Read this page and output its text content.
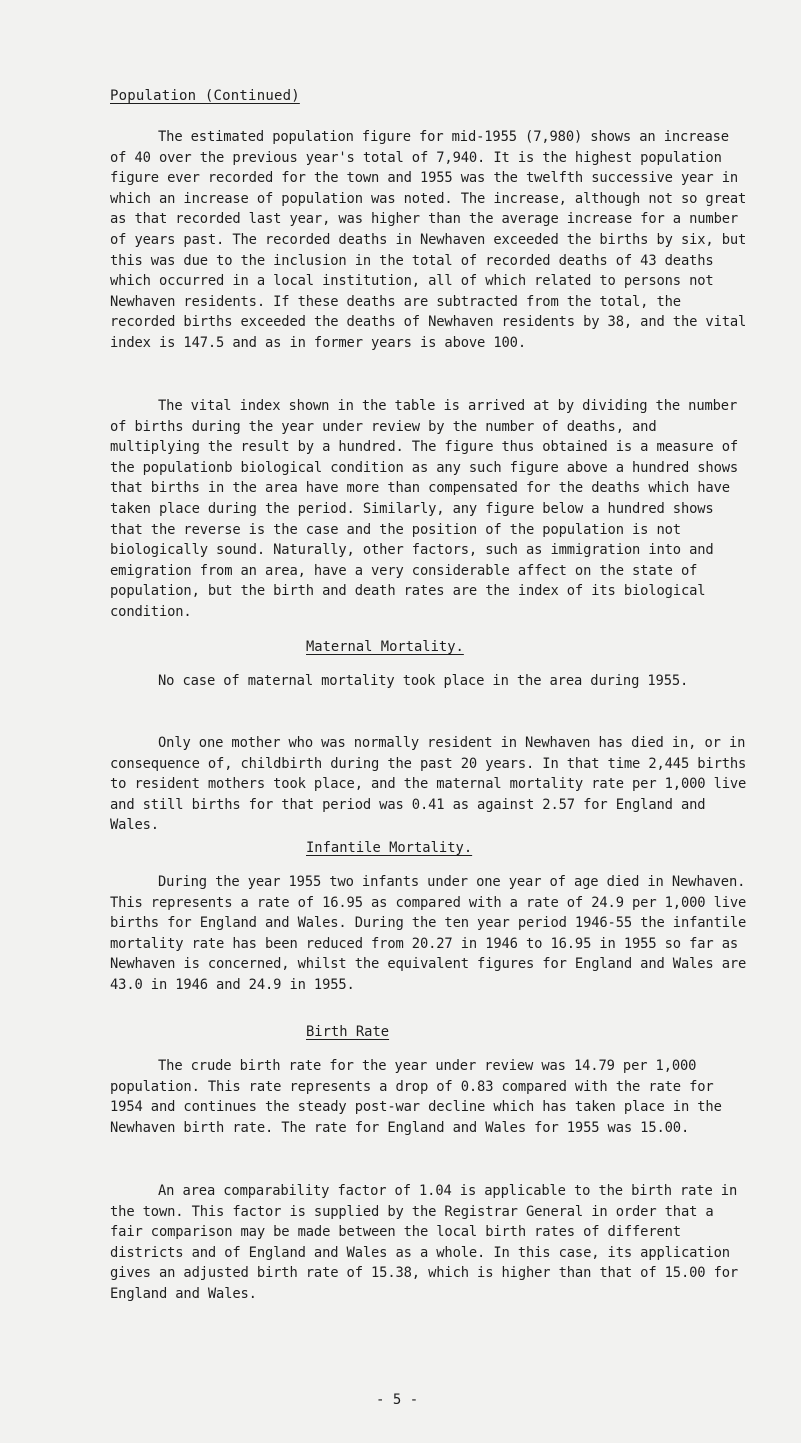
Population (Continued)

The estimated population figure for mid-1955 (7,980) shows an increase of 40 over the previous year's total of 7,940. It is the highest population figure ever recorded for the town and 1955 was the twelfth successive year in which an increase of population was noted. The increase, although not so great as that recorded last year, was higher than the average increase for a number of years past. The recorded deaths in Newhaven exceeded the births by six, but this was due to the inclusion in the total of recorded deaths of 43 deaths which occurred in a local institution, all of which related to persons not Newhaven residents. If these deaths are subtracted from the total, the recorded births exceeded the deaths of Newhaven residents by 38, and the vital index is 147.5 and as in former years is above 100.

The vital index shown in the table is arrived at by dividing the number of births during the year under review by the number of deaths, and multiplying the result by a hundred. The figure thus obtained is a measure of the populationb biological condition as any such figure above a hundred shows that births in the area have more than compensated for the deaths which have taken place during the period. Similarly, any figure below a hundred shows that the reverse is the case and the position of the population is not biologically sound. Naturally, other factors, such as immigration into and emigration from an area, have a very considerable affect on the state of population, but the birth and death rates are the index of its biological condition.

Maternal Mortality.

No case of maternal mortality took place in the area during 1955.

Only one mother who was normally resident in Newhaven has died in, or in consequence of, childbirth during the past 20 years. In that time 2,445 births to resident mothers took place, and the maternal mortality rate per 1,000 live and still births for that period was 0.41 as against 2.57 for England and Wales.

Infantile Mortality.

During the year 1955 two infants under one year of age died in Newhaven. This represents a rate of 16.95 as compared with a rate of 24.9 per 1,000 live births for England and Wales. During the ten year period 1946-55 the infantile mortality rate has been reduced from 20.27 in 1946 to 16.95 in 1955 so far as Newhaven is concerned, whilst the equivalent figures for England and Wales are 43.0 in 1946 and 24.9 in 1955.

Birth Rate

The crude birth rate for the year under review was 14.79 per 1,000 population. This rate represents a drop of 0.83 compared with the rate for 1954 and continues the steady post-war decline which has taken place in the Newhaven birth rate. The rate for England and Wales for 1955 was 15.00.

An area comparability factor of 1.04 is applicable to the birth rate in the town. This factor is supplied by the Registrar General in order that a fair comparison may be made between the local birth rates of different districts and of England and Wales as a whole. In this case, its application gives an adjusted birth rate of 15.38, which is higher than that of 15.00 for England and Wales.

- 5 -
